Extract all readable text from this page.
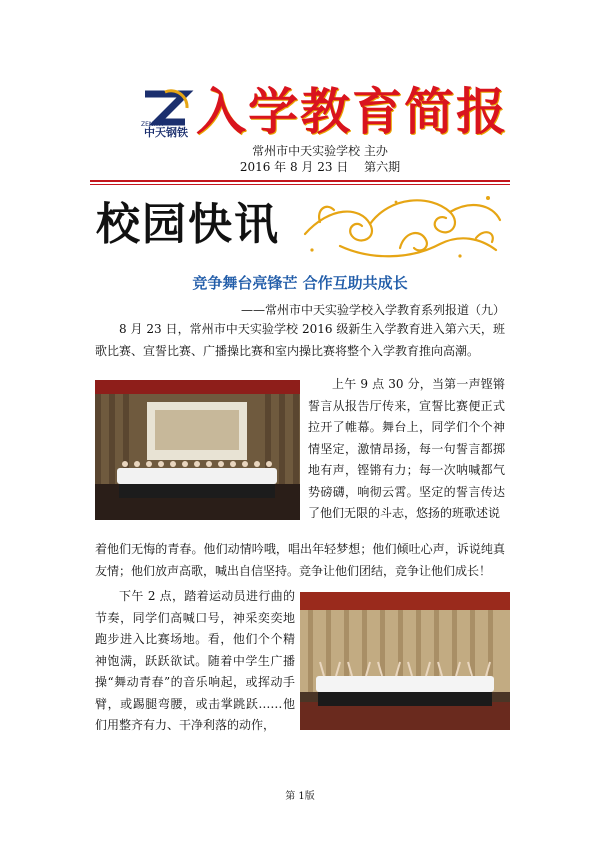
ZENITH
中天钢铁 入学教育简报
常州市中天实验学校 主办
2016 年 8 月 23 日 第六期
校园快讯
竞争舞台亮锋芒 合作互助共成长
——常州市中天实验学校入学教育系列报道（九）
8 月 23 日，常州市中天实验学校 2016 级新生入学教育进入第六天，班歌比赛、宣誓比赛、广播操比赛和室内操比赛将整个入学教育推向高潮。
上午 9 点 30 分，当第一声铿锵誓言从报告厅传来，宣誓比赛便正式拉开了帷幕。舞台上，同学们个个神情坚定，激情昂扬，每一句誓言都掷地有声，铿锵有力；每一次呐喊都气势磅礴，响彻云霄。坚定的誓言传达了他们无限的斗志，悠扬的班歌述说
着他们无悔的青春。他们动情吟哦，唱出年轻梦想；他们倾吐心声，诉说纯真友情；他们放声高歌，喊出自信坚持。竞争让他们团结，竞争让他们成长！
下午 2 点，踏着运动员进行曲的节奏，同学们高喊口号，神采奕奕地跑步进入比赛场地。看，他们个个精神饱满，跃跃欲试。随着中学生广播操“舞动青春”的音乐响起，或挥动手臂，或踢腿弯腰，或击掌跳跃……他们用整齐有力、干净利落的动作，
第 1版
